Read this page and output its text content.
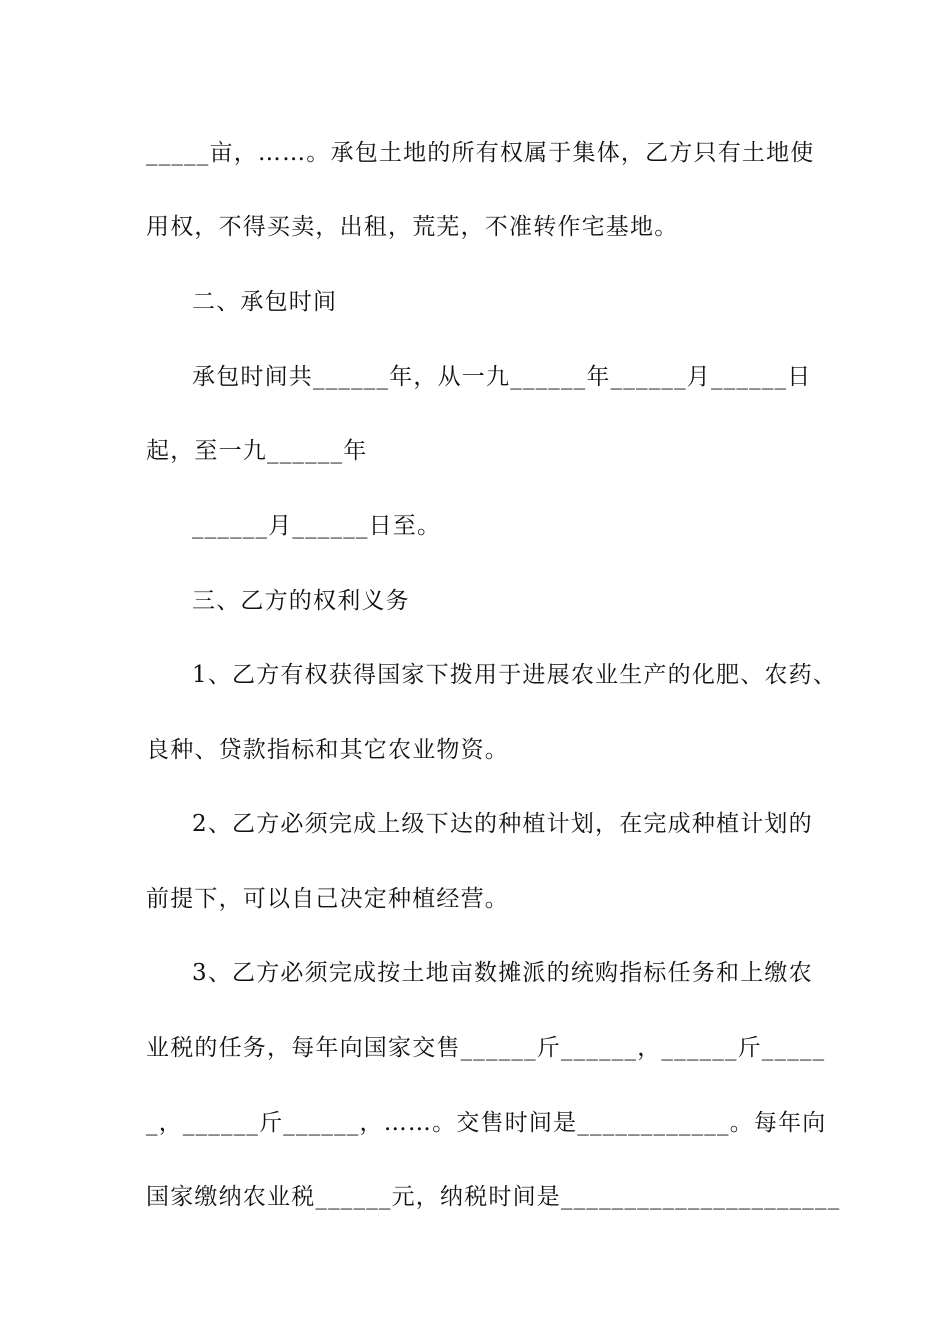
_____亩，……。承包土地的所有权属于集体，乙方只有土地使
用权，不得买卖，出租，荒芜，不准转作宅基地。
二、承包时间
承包时间共______年，从一九______年______月______日
起，至一九______年
______月______日至。
三、乙方的权利义务
1、乙方有权获得国家下拨用于进展农业生产的化肥、农药、
良种、贷款指标和其它农业物资。
2、乙方必须完成上级下达的种植计划，在完成种植计划的
前提下，可以自己决定种植经营。
3、乙方必须完成按土地亩数摊派的统购指标任务和上缴农
业税的任务，每年向国家交售______斤______，______斤_____
_，______斤______，……。交售时间是____________。每年向
国家缴纳农业税______元，纳税时间是______________________
